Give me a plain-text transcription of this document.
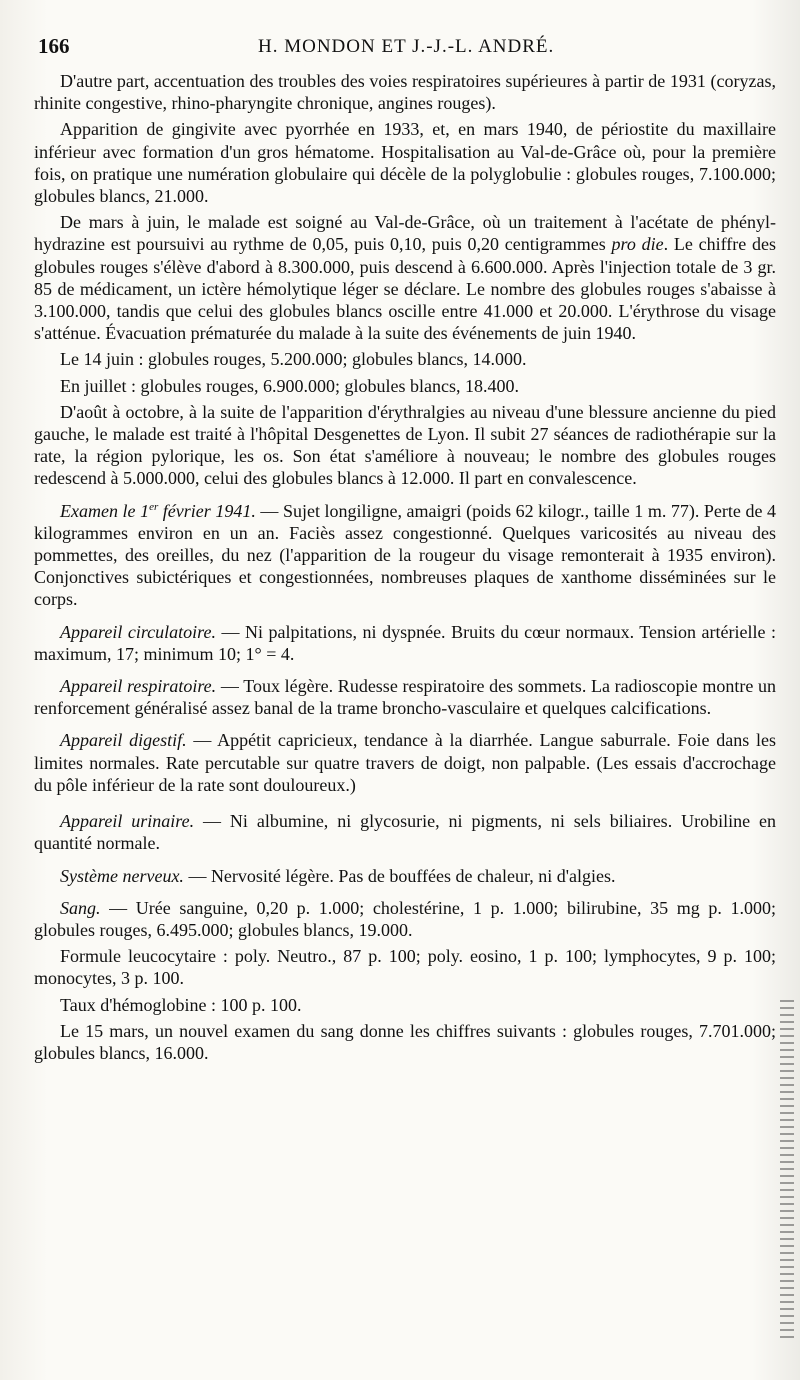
166	H. MONDON ET J.-J.-L. ANDRÉ.

D'autre part, accentuation des troubles des voies respiratoires supérieures à partir de 1931 (coryzas, rhinite congestive, rhino-pharyngite chronique, angines rouges).

Apparition de gingivite avec pyorrhée en 1933, et, en mars 1940, de périostite du maxillaire inférieur avec formation d'un gros hématome. Hospitalisation au Val-de-Grâce où, pour la première fois, on pratique une numération globulaire qui décèle de la polyglobulie : globules rouges, 7.100.000; globules blancs, 21.000.

De mars à juin, le malade est soigné au Val-de-Grâce, où un traitement à l'acétate de phényl-hydrazine est poursuivi au rythme de 0,05, puis 0,10, puis 0,20 centigrammes pro die. Le chiffre des globules rouges s'élève d'abord à 8.300.000, puis descend à 6.600.000. Après l'injection totale de 3 gr. 85 de médicament, un ictère hémolytique léger se déclare. Le nombre des globules rouges s'abaisse à 3.100.000, tandis que celui des globules blancs oscille entre 41.000 et 20.000. L'érythrose du visage s'atténue. Évacuation prématurée du malade à la suite des événements de juin 1940.

Le 14 juin : globules rouges, 5.200.000; globules blancs, 14.000.

En juillet : globules rouges, 6.900.000; globules blancs, 18.400.

D'août à octobre, à la suite de l'apparition d'érythralgies au niveau d'une blessure ancienne du pied gauche, le malade est traité à l'hôpital Desgenettes de Lyon. Il subit 27 séances de radiothérapie sur la rate, la région pylorique, les os. Son état s'améliore à nouveau; le nombre des globules rouges redescend à 5.000.000, celui des globules blancs à 12.000. Il part en convalescence.

Examen le 1er février 1941. — Sujet longiligne, amaigri (poids 62 kilogr., taille 1 m. 77). Perte de 4 kilogrammes environ en un an. Faciès assez congestionné. Quelques varicosités au niveau des pommettes, des oreilles, du nez (l'apparition de la rougeur du visage remonterait à 1935 environ). Conjonctives subictériques et congestionnées, nombreuses plaques de xanthome disséminées sur le corps.

Appareil circulatoire. — Ni palpitations, ni dyspnée. Bruits du cœur normaux. Tension artérielle : maximum, 17; minimum 10; 1° = 4.

Appareil respiratoire. — Toux légère. Rudesse respiratoire des sommets. La radioscopie montre un renforcement généralisé assez banal de la trame broncho-vasculaire et quelques calcifications.

Appareil digestif. — Appétit capricieux, tendance à la diarrhée. Langue saburrale. Foie dans les limites normales. Rate percutable sur quatre travers de doigt, non palpable. (Les essais d'accrochage du pôle inférieur de la rate sont douloureux.)

Appareil urinaire. — Ni albumine, ni glycosurie, ni pigments, ni sels biliaires. Urobiline en quantité normale.

Système nerveux. — Nervosité légère. Pas de bouffées de chaleur, ni d'algies.

Sang. — Urée sanguine, 0,20 p. 1.000; cholestérine, 1 p. 1.000; bilirubine, 35 mg p. 1.000; globules rouges, 6.495.000; globules blancs, 19.000.

Formule leucocytaire : poly. Neutro., 87 p. 100; poly. eosino, 1 p. 100; lymphocytes, 9 p. 100; monocytes, 3 p. 100.

Taux d'hémoglobine : 100 p. 100.

Le 15 mars, un nouvel examen du sang donne les chiffres suivants : globules rouges, 7.701.000; globules blancs, 16.000.
